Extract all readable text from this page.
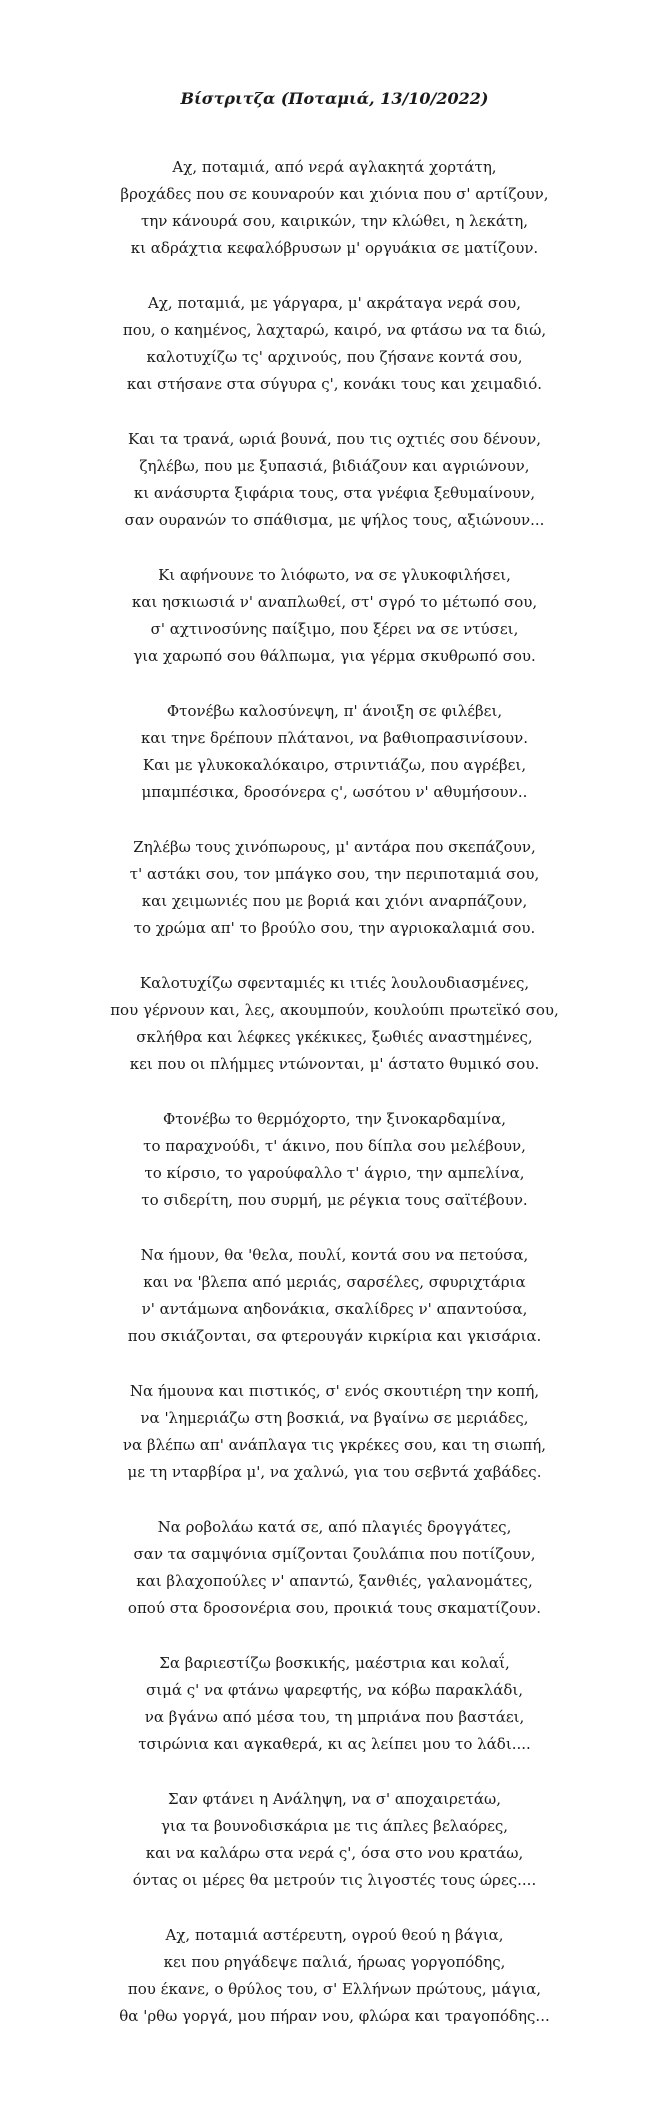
Βίστριτζα (Ποταμιά, 13/10/2022)
Αχ, ποταμιά, από νερά αγλακητά χορτάτη,
βροχάδες που σε κουναρούν και χιόνια που σ' αρτίζουν,
την κάνουρά σου, καιρικών, την κλώθει, η λεκάτη,
κι αδράχτια κεφαλόβρυσων μ' οργυάκια σε ματίζουν.
Αχ, ποταμιά, με γάργαρα, μ' ακράταγα νερά σου,
που, ο καημένος, λαχταρώ, καιρό, να φτάσω να τα διώ,
καλοτυχίζω τς' αρχινούς, που ζήσανε κοντά σου,
και στήσανε στα σύγυρα ς', κονάκι τους και χειμαδιό.
Και τα τρανά, ωριά βουνά, που τις οχτιές σου δένουν,
ζηλέβω, που με ξυπασιά, βιδιάζουν και αγριώνουν,
κι ανάσυρτα ξιφάρια τους, στα γνέφια ξεθυμαίνουν,
σαν ουρανών το σπάθισμα, με ψήλος τους, αξιώνουν...
Κι αφήνουνε το λιόφωτο, να σε γλυκοφιλήσει,
και ησκιωσιά ν' αναπλωθεί, στ' σγρό το μέτωπό σου,
σ' αχτινοσύνης παίξιμο, που ξέρει να σε ντύσει,
για χαρωπό σου θάλπωμα, για γέρμα σκυθρωπό σου.
Φτονέβω καλοσύνεψη, π' άνοιξη σε φιλέβει,
και τηνε δρέπουν πλάτανοι, να βαθιοπρασινίσουν.
Και με γλυκοκαλόκαιρο, στριντιάζω, που αγρέβει,
μπαμπέσικα, δροσόνερα ς', ωσότου ν' αθυμήσουν..
Ζηλέβω τους χινόπωρους, μ' αντάρα που σκεπάζουν,
τ' αστάκι σου, τον μπάγκο σου, την περιποταμιά σου,
και χειμωνιές που με βοριά και χιόνι αναρπάζουν,
το χρώμα απ' το βρούλο σου, την αγριοκαλαμιά σου.
Καλοτυχίζω σφενταμιές κι ιτιές λουλουδιασμένες,
που γέρνουν και, λες, ακουμπούν, κουλούπι πρωτεϊκό σου,
σκλήθρα και λέφκες γκέκικες, ξωθιές αναστημένες,
κει που οι πλήμμες ντώνονται, μ' άστατο θυμικό σου.
Φτονέβω το θερμόχορτο, την ξινοκαρδαμίνα,
το παραχνούδι, τ' άκινο, που δίπλα σου μελέβουν,
το κίρσιο, το γαρούφαλλο τ' άγριο, την αμπελίνα,
το σιδερίτη, που συρμή, με ρέγκια τους σαϊτέβουν.
Να ήμουν, θα 'θελα, πουλί, κοντά σου να πετούσα,
και να 'βλεπα από μεριάς, σαρσέλες, σφυριχτάρια
ν' αντάμωνα αηδονάκια, σκαλίδρες ν' απαντούσα,
που σκιάζονται, σα φτερουγάν κιρκίρια και γκισάρια.
Να ήμουνα και πιστικός, σ' ενός σκουτιέρη την κοπή,
να 'λημεριάζω στη βοσκιά, να βγαίνω σε μεριάδες,
να βλέπω απ' ανάπλαγα τις γκρέκες σου, και τη σιωπή,
με τη νταρβίρα μ', να χαλνώ, για του σεβντά χαβάδες.
Να ροβολάω κατά σε, από πλαγιές δρογγάτες,
σαν τα σαμψόνια σμίζονται ζουλάπια που ποτίζουν,
και βλαχοπούλες ν' απαντώ, ξανθιές, γαλανομάτες,
οπού στα δροσονέρια σου, προικιά τους σκαματίζουν.
Σα βαριεστίζω βοσκικής, μαέστρια και κολαΐ,
σιμά ς' να φτάνω ψαρεφτής, να κόβω παρακλάδι,
να βγάνω από μέσα του, τη μπριάνα που βαστάει,
τσιρώνια και αγκαθερά, κι ας λείπει μου το λάδι....
Σαν φτάνει η Ανάληψη, να σ' αποχαιρετάω,
για τα βουνοδισκάρια με τις άπλες βελαόρες,
και να καλάρω στα νερά ς', όσα στο νου κρατάω,
όντας οι μέρες θα μετρούν τις λιγοστές τους ώρες....
Αχ, ποταμιά αστέρευτη, ογρού θεού η βάγια,
κει που ρηγάδεψε παλιά, ήρωας γοργοπόδης,
που έκανε, ο θρύλος του, σ' Ελλήνων πρώτους, μάγια,
θα 'ρθω γοργά, μου πήραν νου, φλώρα και τραγοπόδης...
